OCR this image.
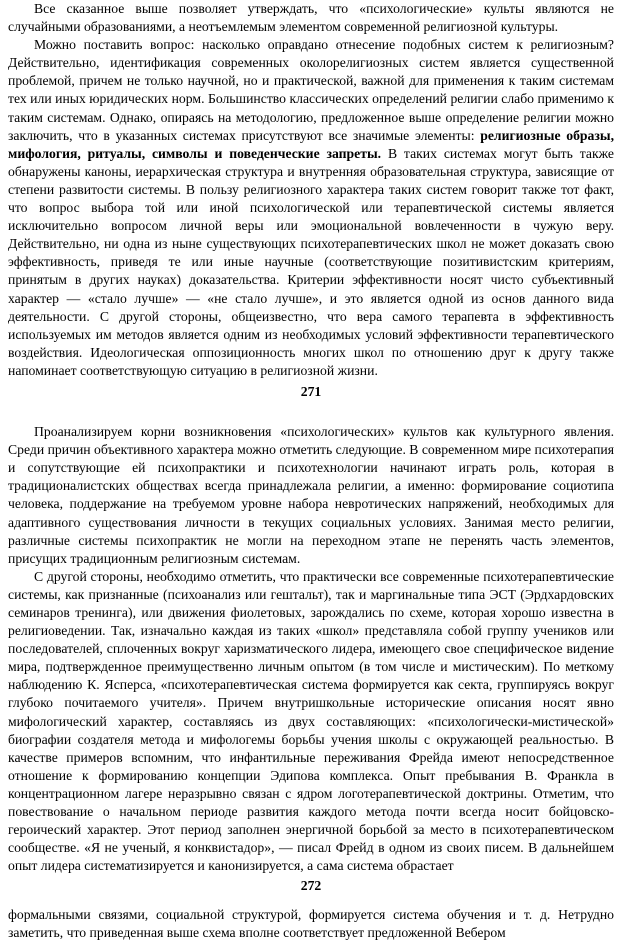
Все сказанное выше позволяет утверждать, что «психологические» культы являются не случайными образованиями, а неотъемлемым элементом современной религиозной культуры.

Можно поставить вопрос: насколько оправдано отнесение подобных систем к религиозным? Действительно, идентификация современных околорелигиозных систем является существенной проблемой, причем не только научной, но и практической, важной для применения к таким системам тех или иных юридических норм. Большинство классических определений религии слабо применимо к таким системам. Однако, опираясь на методологию, предложенное выше определение религии можно заключить, что в указанных системах присутствуют все значимые элементы: религиозные образы, мифология, ритуалы, символы и поведенческие запреты. В таких системах могут быть также обнаружены каноны, иерархическая структура и внутренняя образовательная структура, зависящие от степени развитости системы. В пользу религиозного характера таких систем говорит также тот факт, что вопрос выбора той или иной психологической или терапевтической системы является исключительно вопросом личной веры или эмоциональной вовлеченности в чужую веру. Действительно, ни одна из ныне существующих психотерапевтических школ не может доказать свою эффективность, приведя те или иные научные (соответствующие позитивистским критериям, принятым в других науках) доказательства. Критерии эффективности носят чисто субъективный характер — «стало лучше» — «не стало лучше», и это является одной из основ данного вида деятельности. С другой стороны, общеизвестно, что вера самого терапевта в эффективность используемых им методов является одним из необходимых условий эффективности терапевтического воздействия. Идеологическая оппозиционность многих школ по отношению друг к другу также напоминает соответствующую ситуацию в религиозной жизни.

271

Проанализируем корни возникновения «психологических» культов как культурного явления. Среди причин объективного характера можно отметить следующие. В современном мире психотерапия и сопутствующие ей психопрактики и психотехнологии начинают играть роль, которая в традиционалистских обществах всегда принадлежала религии, а именно: формирование социотипа человека, поддержание на требуемом уровне набора невротических напряжений, необходимых для адаптивного существования личности в текущих социальных условиях. Занимая место религии, различные системы психопрактик не могли на переходном этапе не перенять часть элементов, присущих традиционным религиозным системам.

С другой стороны, необходимо отметить, что практически все современные психотерапевтические системы, как признанные (психоанализ или гештальт), так и маргинальные типа ЭСТ (Эрдхардовских семинаров тренинга), или движения фиолетовых, зарождались по схеме, которая хорошо известна в религиоведении. Так, изначально каждая из таких «школ» представляла собой группу учеников или последователей, сплоченных вокруг харизматического лидера, имеющего свое специфическое видение мира, подтвержденное преимущественно личным опытом (в том числе и мистическим). По меткому наблюдению К. Ясперса, «психотерапевтическая система формируется как секта, группируясь вокруг глубоко почитаемого учителя». Причем внутришкольные исторические описания носят явно мифологический характер, составляясь из двух составляющих: «психологически-мистической» биографии создателя метода и мифологемы борьбы учения школы с окружающей реальностью. В качестве примеров вспомним, что инфантильные переживания Фрейда имеют непосредственное отношение к формированию концепции Эдипова комплекса. Опыт пребывания В. Франкла в концентрационном лагере неразрывно связан с ядром логотерапевтической доктрины. Отметим, что повествование о начальном периоде развития каждого метода почти всегда носит бойцовско-героический характер. Этот период заполнен энергичной борьбой за место в психотерапевтическом сообществе. «Я не ученый, я конквистадор», — писал Фрейд в одном из своих писем. В дальнейшем опыт лидера систематизируется и канонизируется, а сама система обрастает

272

формальными связями, социальной структурой, формируется система обучения и т. д. Нетрудно заметить, что приведенная выше схема вполне соответствует предложенной Вебером
